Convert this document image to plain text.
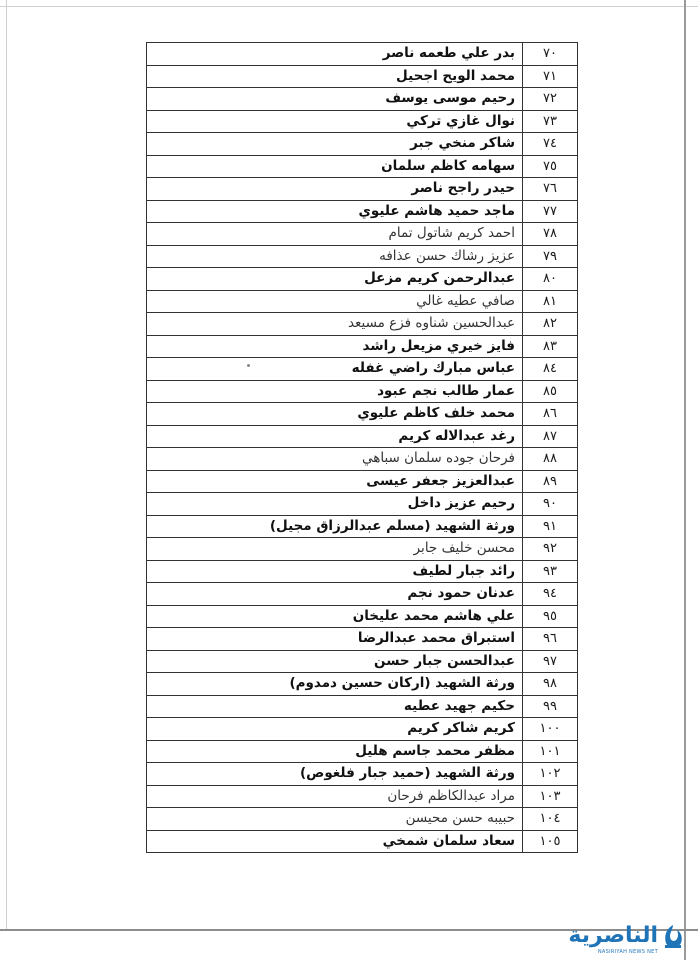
٧٠
بدر علي طعمه ناصر
٧١
محمد الويح اجحيل
٧٢
رحيم موسى يوسف
٧٣
نوال غازي تركي
٧٤
شاكر منخي جبر
٧٥
سهامه كاظم سلمان
٧٦
حيدر راجح ناصر
٧٧
ماجد حميد هاشم عليوي
٧٨
احمد كريم شاتول تمام
٧٩
عزيز رشاك حسن عذافه
٨٠
عبدالرحمن كريم مزعل
٨١
صافي عطيه غالي
٨٢
عبدالحسين شناوه فزع مسيعد
٨٣
فايز خيري مزيعل راشد
٨٤
عباس مبارك راضي غفله
٨٥
عمار طالب نجم عبود
٨٦
محمد خلف كاظم عليوي
٨٧
رغد عبدالاله كريم
٨٨
فرحان جوده سلمان سباهي
٨٩
عبدالعزيز جعفر عيسى
٩٠
رحيم عزيز داخل
٩١
ورثة الشهيد (مسلم عبدالرزاق مجيل)
٩٢
محسن خليف جابر
٩٣
رائد جبار لطيف
٩٤
عدنان حمود نجم
٩٥
علي هاشم محمد عليخان
٩٦
استبراق محمد عبدالرضا
٩٧
عبدالحسن جبار حسن
٩٨
ورثة الشهيد (اركان حسين دمدوم)
٩٩
حكيم جهيد عطيه
١٠٠
كريم شاكر كريم
١٠١
مظفر محمد جاسم هليل
١٠٢
ورثة الشهيد (حميد جبار فلغوص)
١٠٣
مراد عبدالكاظم فرحان
١٠٤
حبيبه حسن محيسن
١٠٥
سعاد سلمان شمخي
الناصرية
NASIRIYAH NEWS NET
